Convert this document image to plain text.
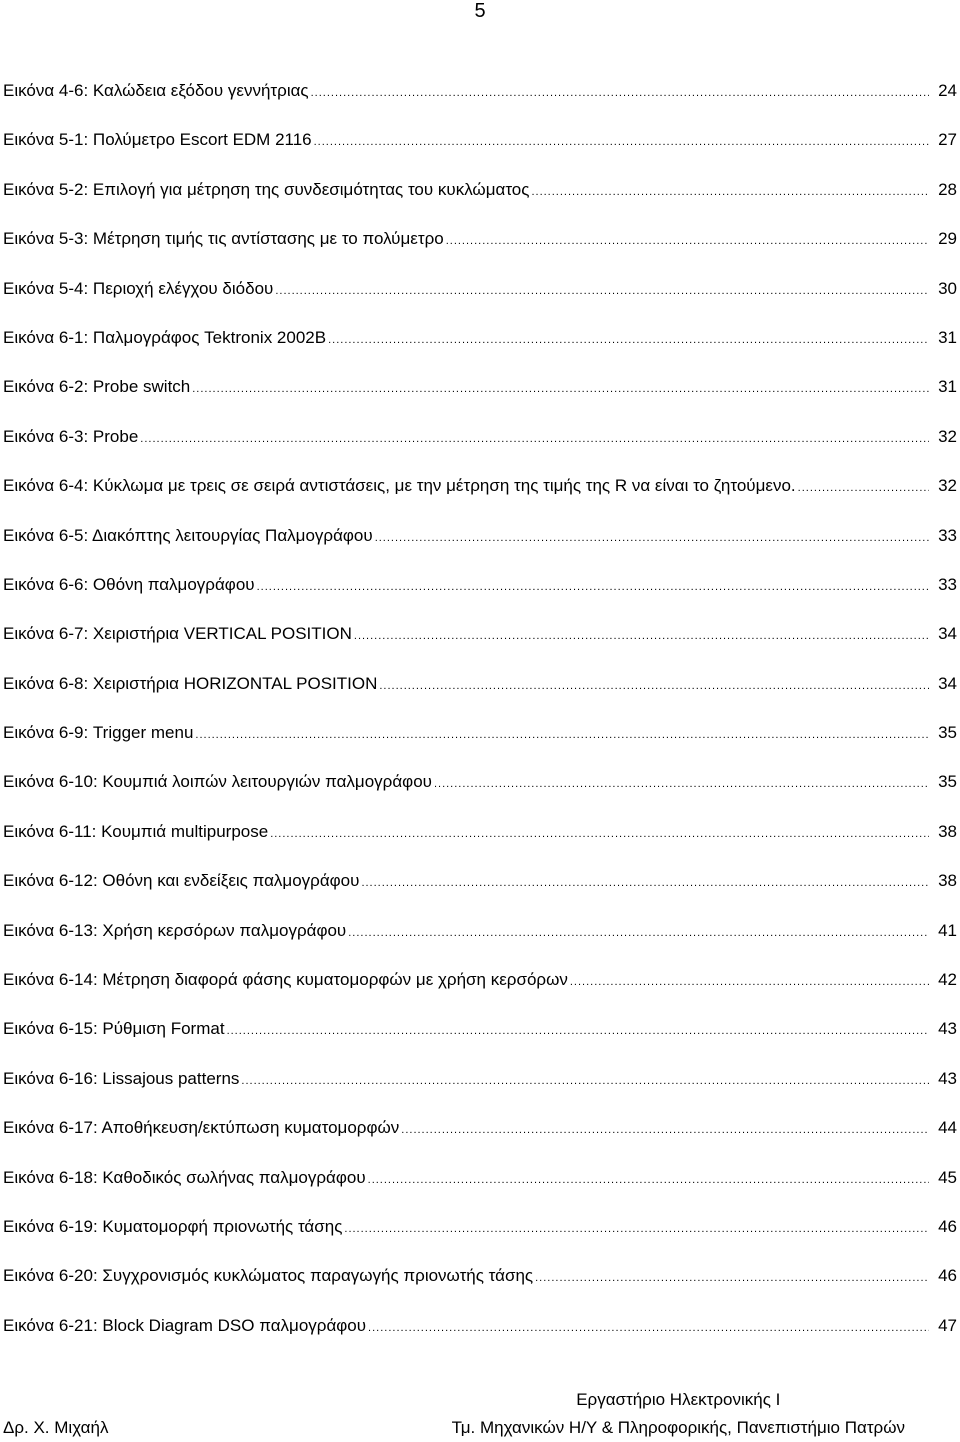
5
Εικόνα 4-6: Καλώδεια εξόδου γεννήτριας .....	24
Εικόνα 5-1: Πολύμετρο Escort EDM 2116 .....	27
Εικόνα 5-2: Επιλογή για μέτρηση της συνδεσιμότητας του κυκλώματος .....	28
Εικόνα 5-3: Μέτρηση τιμής τις αντίστασης με το πολύμετρο .....	29
Εικόνα 5-4: Περιοχή ελέγχου διόδου .....	30
Εικόνα 6-1: Παλμογράφος Tektronix 2002B .....	31
Εικόνα 6-2: Probe switch .....	31
Εικόνα 6-3: Probe .....	32
Εικόνα 6-4: Κύκλωμα με τρεις σε σειρά αντιστάσεις, με την μέτρηση της τιμής της R να είναι το ζητούμενο. .....	32
Εικόνα 6-5: Διακόπτης λειτουργίας Παλμογράφου .....	33
Εικόνα 6-6: Οθόνη παλμογράφου .....	33
Εικόνα 6-7: Χειριστήρια VERTICAL POSITION .....	34
Εικόνα 6-8: Χειριστήρια HORIZONTAL POSITION .....	34
Εικόνα 6-9: Trigger menu .....	35
Εικόνα 6-10: Κουμπιά λοιπών λειτουργιών παλμογράφου .....	35
Εικόνα 6-11: Κουμπιά multipurpose .....	38
Εικόνα 6-12: Οθόνη και ενδείξεις παλμογράφου .....	38
Εικόνα 6-13: Χρήση κερσόρων παλμογράφου .....	41
Εικόνα 6-14: Μέτρηση διαφορά φάσης κυματομορφών με χρήση κερσόρων .....	42
Εικόνα 6-15: Ρύθμιση Format .....	43
Εικόνα 6-16: Lissajous patterns .....	43
Εικόνα 6-17: Αποθήκευση/εκτύπωση κυματομορφών .....	44
Εικόνα 6-18: Καθοδικός σωλήνας παλμογράφου .....	45
Εικόνα 6-19: Κυματομορφή πριονωτής τάσης .....	46
Εικόνα 6-20: Συγχρονισμός κυκλώματος παραγωγής πριονωτής τάσης .....	46
Εικόνα 6-21: Block Diagram DSO παλμογράφου .....	47
Εργαστήριο Ηλεκτρονικής Ι
Τμ. Μηχανικών Η/Υ & Πληροφορικής, Πανεπιστήμιο Πατρών
Δρ. Χ. Μιχαήλ
